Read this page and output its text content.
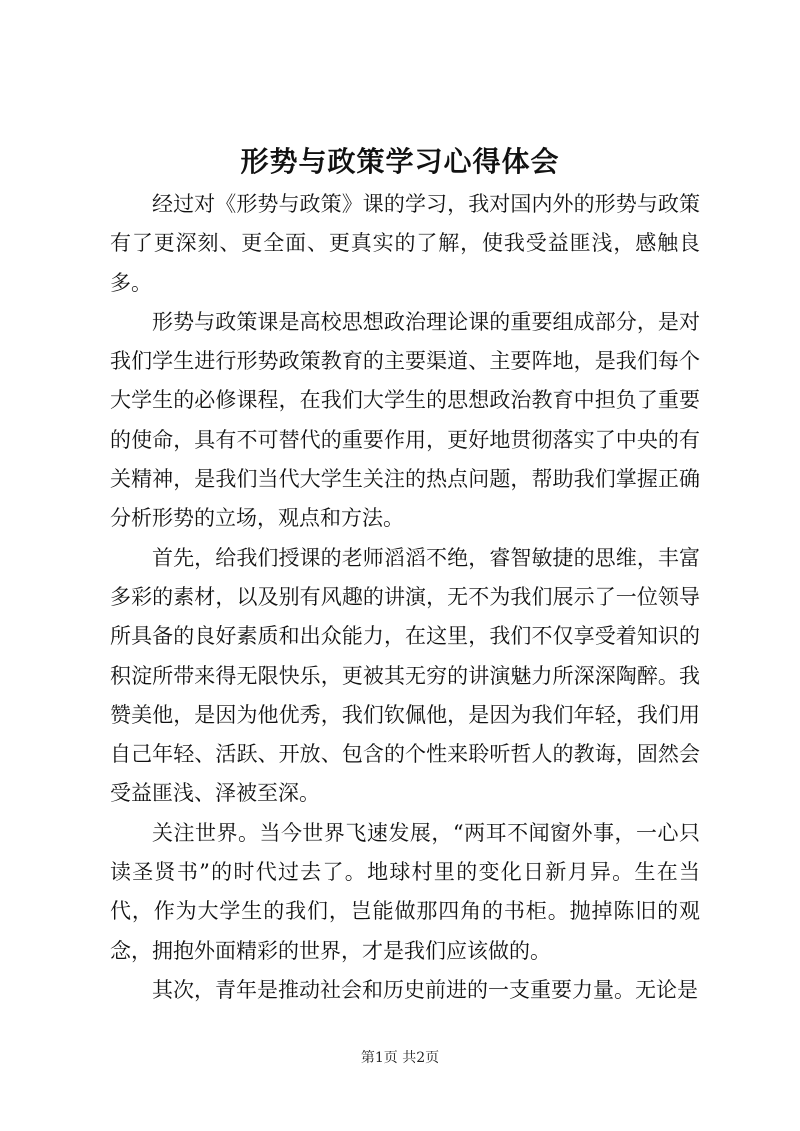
形势与政策学习心得体会

经过对《形势与政策》课的学习，我对国内外的形势与政策有了更深刻、更全面、更真实的了解，使我受益匪浅，感触良多。

形势与政策课是高校思想政治理论课的重要组成部分，是对我们学生进行形势政策教育的主要渠道、主要阵地，是我们每个大学生的必修课程，在我们大学生的思想政治教育中担负了重要的使命，具有不可替代的重要作用，更好地贯彻落实了中央的有关精神，是我们当代大学生关注的热点问题，帮助我们掌握正确分析形势的立场，观点和方法。

首先，给我们授课的老师滔滔不绝，睿智敏捷的思维，丰富多彩的素材，以及别有风趣的讲演，无不为我们展示了一位领导所具备的良好素质和出众能力，在这里，我们不仅享受着知识的积淀所带来得无限快乐，更被其无穷的讲演魅力所深深陶醉。我赞美他，是因为他优秀，我们钦佩他，是因为我们年轻，我们用自己年轻、活跃、开放、包含的个性来聆听哲人的教诲，固然会受益匪浅、泽被至深。

关注世界。当今世界飞速发展，“两耳不闻窗外事，一心只读圣贤书”的时代过去了。地球村里的变化日新月异。生在当代，作为大学生的我们，岂能做那四角的书柜。抛掉陈旧的观念，拥抱外面精彩的世界，才是我们应该做的。

其次，青年是推动社会和历史前进的一支重要力量。无论是

第1页 共2页
